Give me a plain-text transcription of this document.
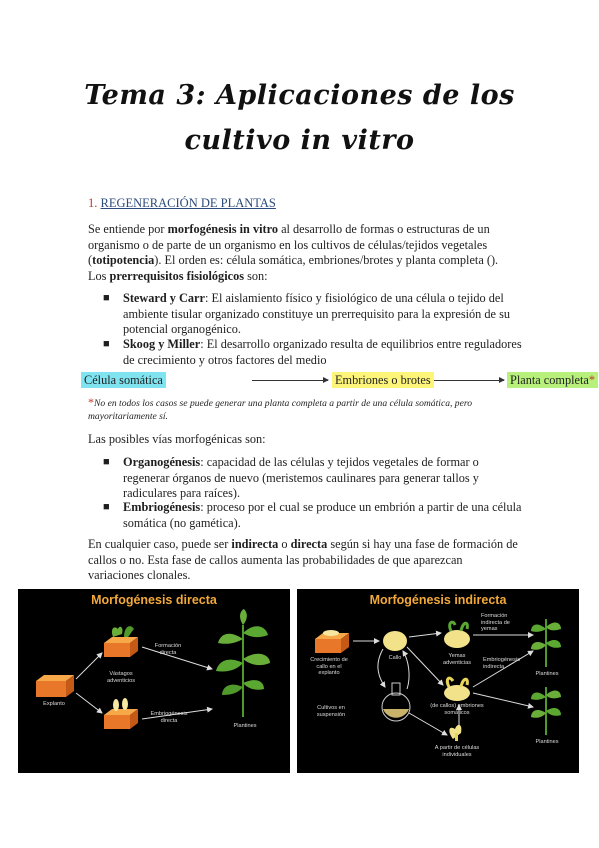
Tema 3: Aplicaciones de los
cultivo in vitro
1. REGENERACIÓN DE PLANTAS
Se entiende por morfogénesis in vitro al desarrollo de formas o estructuras de un organismo o de parte de un organismo en los cultivos de células/tejidos vegetales (totipotencia). El orden es: célula somática, embriones/brotes y planta completa (). Los prerrequisitos fisiológicos son:
■ Steward y Carr: El aislamiento físico y fisiológico de una célula o tejido del ambiente tisular organizado constituye un prerrequisito para la expresión de su potencial organogénico.
■ Skoog y Miller: El desarrollo organizado resulta de equilibrios entre reguladores de crecimiento y otros factores del medio
Célula somática	Embriones o brotes	Planta completa*
*No en todos los casos se puede generar una planta completa a partir de una célula somática, pero mayoritariamente sí.
Las posibles vías morfogénicas son:
■ Organogénesis: capacidad de las células y tejidos vegetales de formar o regenerar órganos de nuevo (meristemos caulinares para generar tallos y radiculares para raíces).
■ Embriogénesis: proceso por el cual se produce un embrión a partir de una célula somática (no gamética).
En cualquier caso, puede ser indirecta o directa según si hay una fase de formación de callos o no. Esta fase de callos aumenta las probabilidades de que aparezcan variaciones clonales.
Morfogénesis directa
Explanto
Vástagos adventicios
Formación directa
Embriogénesis directa
Plantines
Morfogénesis indirecta
Crecimiento de callo en el explanto
Callo
Cultivos en suspensión
Yemas adventicias
(de callos) embriones somáticos
A partir de células individuales
Formación indirecta de yemas
Embriogénesis indirecta
Plantines
Plantines
